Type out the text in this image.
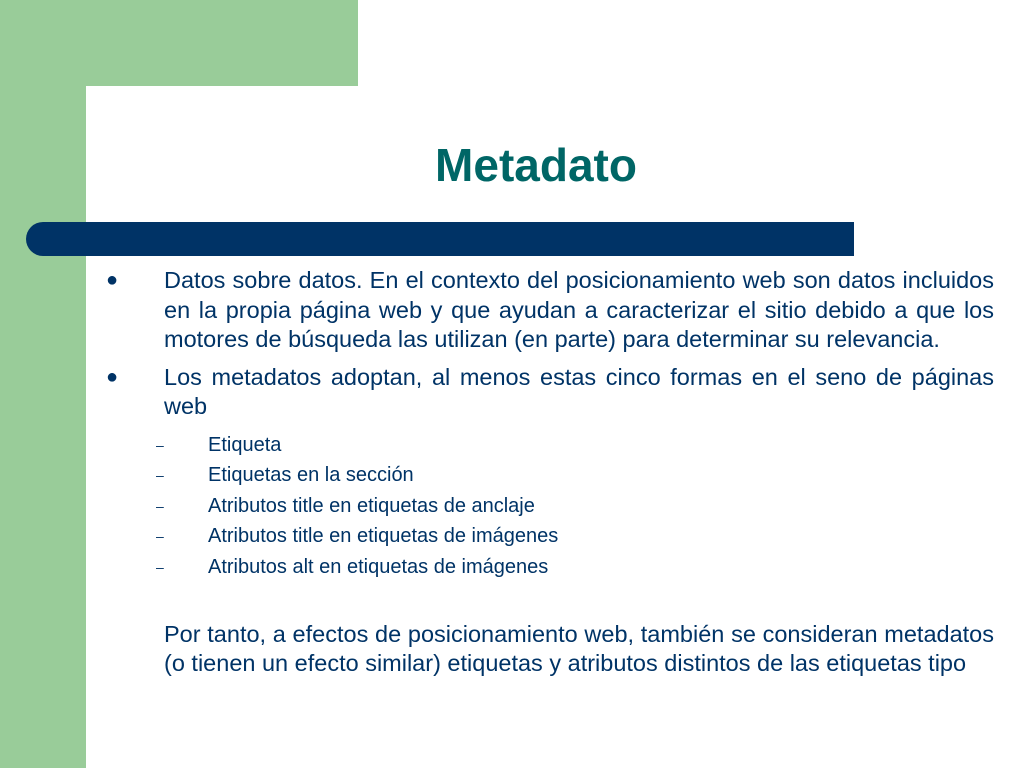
Metadato
● Datos sobre datos. En el contexto del posicionamiento web son datos incluidos en la propia página web y que ayudan a caracterizar el sitio debido a que los motores de búsqueda las utilizan (en parte) para determinar su relevancia.
● Los metadatos adoptan, al menos estas cinco formas en el seno de páginas web
– Etiqueta
– Etiquetas en la sección
– Atributos title en etiquetas de anclaje
– Atributos title en etiquetas de imágenes
– Atributos alt en etiquetas de imágenes

Por tanto, a efectos de posicionamiento web, también se consideran metadatos (o tienen un efecto similar) etiquetas y atributos distintos de las etiquetas tipo
